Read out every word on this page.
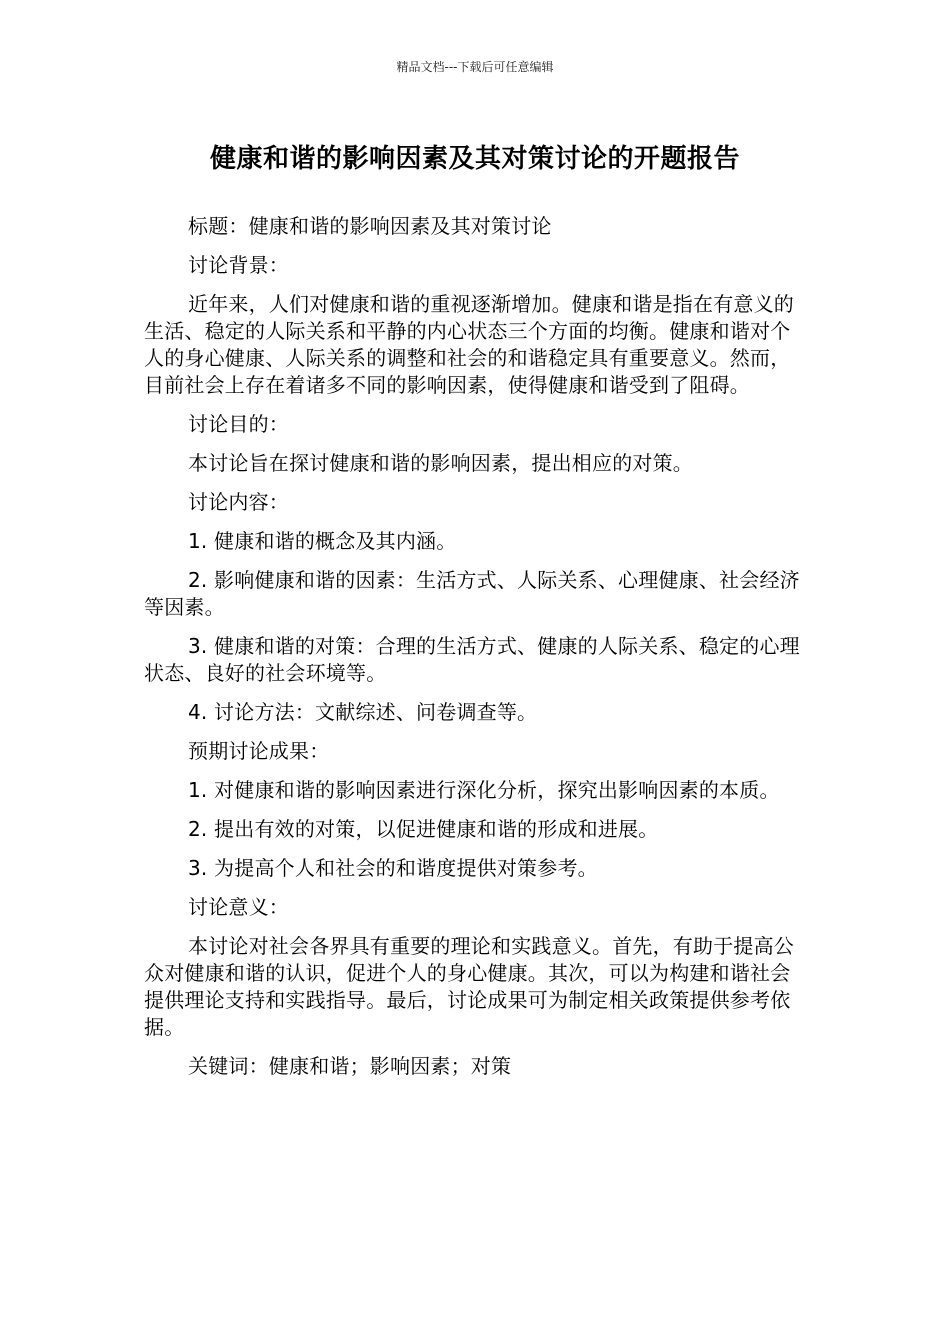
精品文档---下载后可任意编辑
健康和谐的影响因素及其对策讨论的开题报告

标题：健康和谐的影响因素及其对策讨论

讨论背景：

近年来，人们对健康和谐的重视逐渐增加。健康和谐是指在有意义的生活、稳定的人际关系和平静的内心状态三个方面的均衡。健康和谐对个人的身心健康、人际关系的调整和社会的和谐稳定具有重要意义。然而，目前社会上存在着诸多不同的影响因素，使得健康和谐受到了阻碍。

讨论目的：

本讨论旨在探讨健康和谐的影响因素，提出相应的对策。

讨论内容：

1. 健康和谐的概念及其内涵。

2. 影响健康和谐的因素：生活方式、人际关系、心理健康、社会经济等因素。

3. 健康和谐的对策：合理的生活方式、健康的人际关系、稳定的心理状态、良好的社会环境等。

4. 讨论方法：文献综述、问卷调查等。

预期讨论成果：

1. 对健康和谐的影响因素进行深化分析，探究出影响因素的本质。

2. 提出有效的对策，以促进健康和谐的形成和进展。

3. 为提高个人和社会的和谐度提供对策参考。

讨论意义：

本讨论对社会各界具有重要的理论和实践意义。首先，有助于提高公众对健康和谐的认识，促进个人的身心健康。其次，可以为构建和谐社会提供理论支持和实践指导。最后，讨论成果可为制定相关政策提供参考依据。

关键词：健康和谐；影响因素；对策
